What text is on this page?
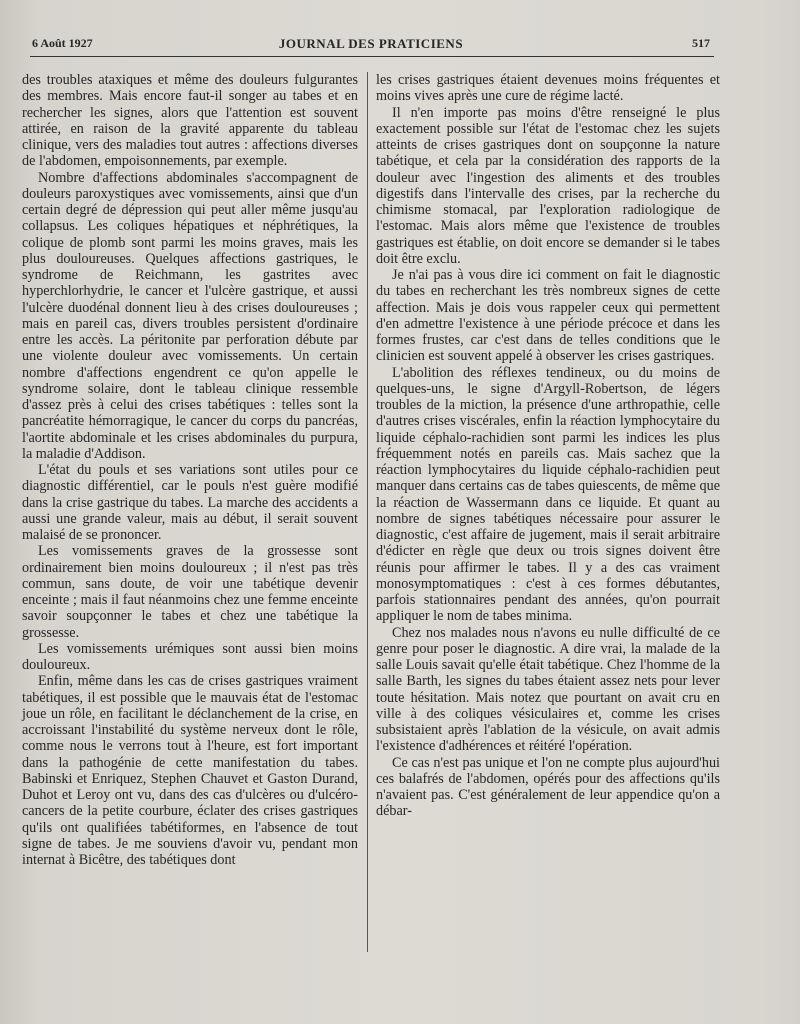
6 Août 1927	JOURNAL DES PRATICIENS	517

des troubles ataxiques et même des douleurs fulgurantes des membres. Mais encore faut-il songer au tabes et en rechercher les signes, alors que l'attention est souvent attirée, en raison de la gravité apparente du tableau clinique, vers des maladies tout autres : affections diverses de l'abdomen, empoisonnements, par exemple.

Nombre d'affections abdominales s'accompagnent de douleurs paroxystiques avec vomissements, ainsi que d'un certain degré de dépression qui peut aller même jusqu'au collapsus. Les coliques hépatiques et néphrétiques, la colique de plomb sont parmi les moins graves, mais les plus douloureuses. Quelques affections gastriques, le syndrome de Reichmann, les gastrites avec hyperchlorhydrie, le cancer et l'ulcère gastrique, et aussi l'ulcère duodénal donnent lieu à des crises douloureuses ; mais en pareil cas, divers troubles persistent d'ordinaire entre les accès. La péritonite par perforation débute par une violente douleur avec vomissements. Un certain nombre d'affections engendrent ce qu'on appelle le syndrome solaire, dont le tableau clinique ressemble d'assez près à celui des crises tabétiques : telles sont la pancréatite hémorragique, le cancer du corps du pancréas, l'aortite abdominale et les crises abdominales du purpura, la maladie d'Addison.

L'état du pouls et ses variations sont utiles pour ce diagnostic différentiel, car le pouls n'est guère modifié dans la crise gastrique du tabes. La marche des accidents a aussi une grande valeur, mais au début, il serait souvent malaisé de se prononcer.

Les vomissements graves de la grossesse sont ordinairement bien moins douloureux ; il n'est pas très commun, sans doute, de voir une tabétique devenir enceinte ; mais il faut néanmoins chez une femme enceinte savoir soupçonner le tabes et chez une tabétique la grossesse.

Les vomissements urémiques sont aussi bien moins douloureux.

Enfin, même dans les cas de crises gastriques vraiment tabétiques, il est possible que le mauvais état de l'estomac joue un rôle, en facilitant le déclanchement de la crise, en accroissant l'instabilité du système nerveux dont le rôle, comme nous le verrons tout à l'heure, est fort important dans la pathogénie de cette manifestation du tabes. Babinski et Enriquez, Stephen Chauvet et Gaston Durand, Duhot et Leroy ont vu, dans des cas d'ulcères ou d'ulcéro-cancers de la petite courbure, éclater des crises gastriques qu'ils ont qualifiées tabétiformes, en l'absence de tout signe de tabes. Je me souviens d'avoir vu, pendant mon internat à Bicêtre, des tabétiques dont

les crises gastriques étaient devenues moins fréquentes et moins vives après une cure de régime lacté.

Il n'en importe pas moins d'être renseigné le plus exactement possible sur l'état de l'estomac chez les sujets atteints de crises gastriques dont on soupçonne la nature tabétique, et cela par la considération des rapports de la douleur avec l'ingestion des aliments et des troubles digestifs dans l'intervalle des crises, par la recherche du chimisme stomacal, par l'exploration radiologique de l'estomac. Mais alors même que l'existence de troubles gastriques est établie, on doit encore se demander si le tabes doit être exclu.

Je n'ai pas à vous dire ici comment on fait le diagnostic du tabes en recherchant les très nombreux signes de cette affection. Mais je dois vous rappeler ceux qui permettent d'en admettre l'existence à une période précoce et dans les formes frustes, car c'est dans de telles conditions que le clinicien est souvent appelé à observer les crises gastriques.

L'abolition des réflexes tendineux, ou du moins de quelques-uns, le signe d'Argyll-Robertson, de légers troubles de la miction, la présence d'une arthropathie, celle d'autres crises viscérales, enfin la réaction lymphocytaire du liquide céphalo-rachidien sont parmi les indices les plus fréquemment notés en pareils cas. Mais sachez que la réaction lymphocytaires du liquide céphalo-rachidien peut manquer dans certains cas de tabes quiescents, de même que la réaction de Wassermann dans ce liquide. Et quant au nombre de signes tabétiques nécessaire pour assurer le diagnostic, c'est affaire de jugement, mais il serait arbitraire d'édicter en règle que deux ou trois signes doivent être réunis pour affirmer le tabes. Il y a des cas vraiment monosymptomatiques : c'est à ces formes débutantes, parfois stationnaires pendant des années, qu'on pourrait appliquer le nom de tabes minima.

Chez nos malades nous n'avons eu nulle difficulté de ce genre pour poser le diagnostic. A dire vrai, la malade de la salle Louis savait qu'elle était tabétique. Chez l'homme de la salle Barth, les signes du tabes étaient assez nets pour lever toute hésitation. Mais notez que pourtant on avait cru en ville à des coliques vésiculaires et, comme les crises subsistaient après l'ablation de la vésicule, on avait admis l'existence d'adhérences et réitéré l'opération.

Ce cas n'est pas unique et l'on ne compte plus aujourd'hui ces balafrés de l'abdomen, opérés pour des affections qu'ils n'avaient pas. C'est généralement de leur appendice qu'on a débar-
